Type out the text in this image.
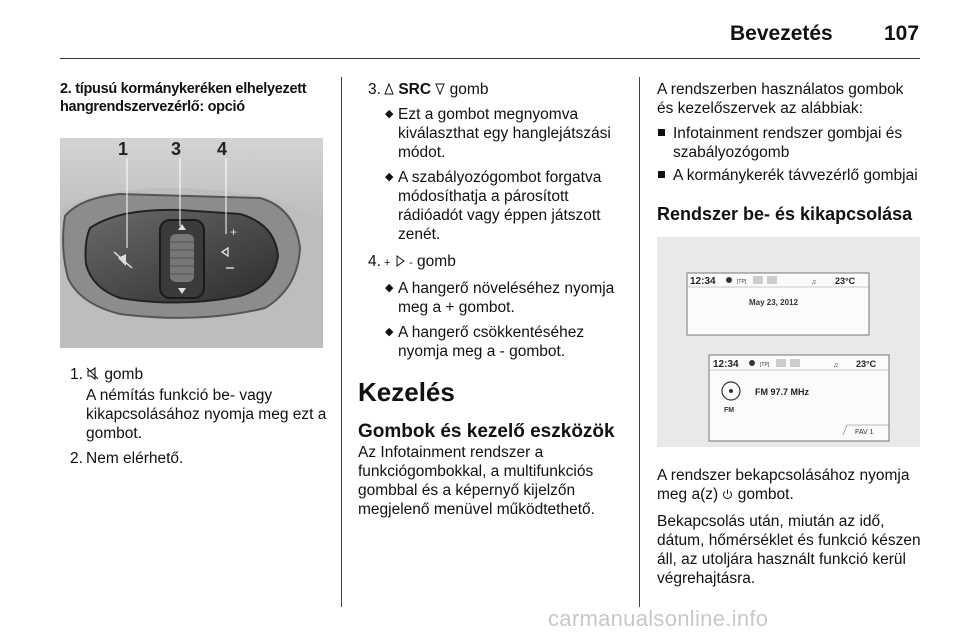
Bevezetés 107

2. típusú kormánykeréken elhelyezett hangrendszervezérlő: opció

1 3 4
+
1. gomb
A némítás funkció be- vagy kikapcsolásához nyomja meg ezt a gombot.
2. Nem elérhető.
3. SRC gomb
◆ Ezt a gombot megnyomva kiválaszthat egy hanglejátszási módot.
◆ A szabályozógombot forgatva módosíthatja a párosított rádióadót vagy éppen játszott zenét.
4. + - gomb
◆ A hangerő növeléséhez nyomja meg a + gombot.
◆ A hangerő csökkentéséhez nyomja meg a - gombot.
Kezelés
Gombok és kezelő eszközök

Az Infotainment rendszer a funkciógombokkal, a multifunkciós gombbal és a képernyő kijelzőn megjelenő menüvel működtethető.

A rendszerben használatos gombok és kezelőszervek az alábbiak:

Infotainment rendszer gombjai és szabályozógomb
A kormánykerék távvezérlő gombjai
Rendszer be- és kikapcsolása
12:34	[TP]	♫ 23°C
May 23, 2012
12:34	[TP]	♫ 23°C
FM
FM 97.7 MHz
FAV 1

A rendszer bekapcsolásához nyomja meg a(z) gombot.

Bekapcsolás után, miután az idő, dátum, hőmérséklet és funkció készen áll, az utoljára használt funkció kerül végrehajtásra.

carmanualsonline.info
